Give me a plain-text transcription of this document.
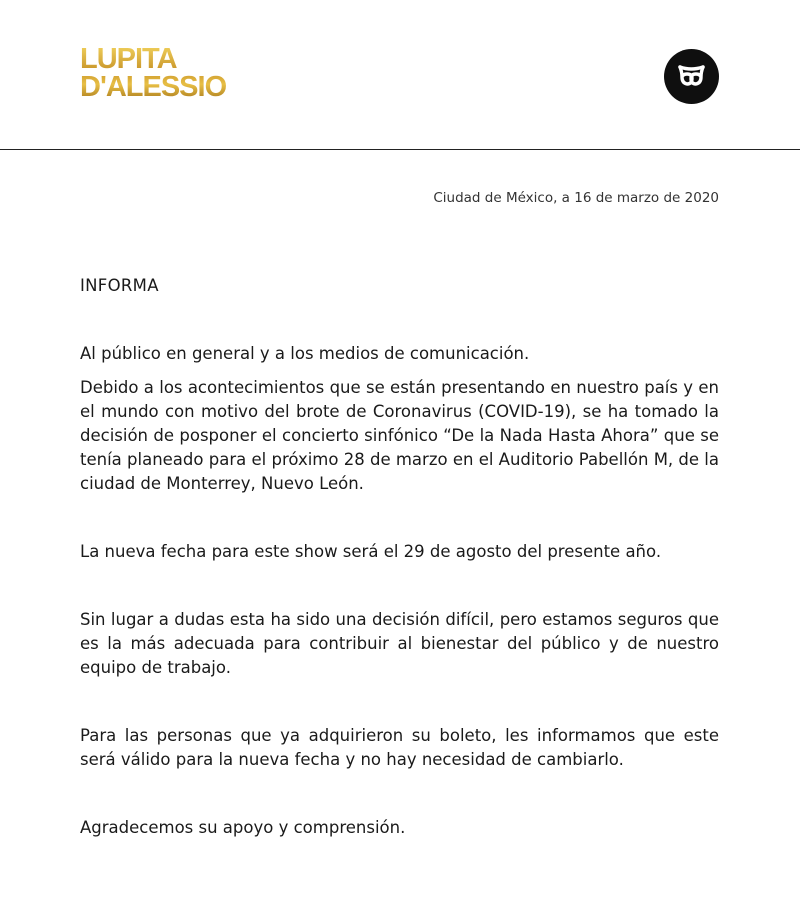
LUPITA
D'ALESSIO
Ciudad de México, a 16 de marzo de 2020
INFORMA

Al público en general y a los medios de comunicación.

Debido a los acontecimientos que se están presentando en nuestro país y en el mundo con motivo del brote de Coronavirus (COVID-19), se ha tomado la decisión de posponer el concierto sinfónico “De la Nada Hasta Ahora” que se tenía planeado para el próximo 28 de marzo en el Auditorio Pabellón M, de la ciudad de Monterrey, Nuevo León.

La nueva fecha para este show será el 29 de agosto del presente año.

Sin lugar a dudas esta ha sido una decisión difícil, pero estamos seguros que es la más adecuada para contribuir al bienestar del público y de nuestro equipo de trabajo.

Para las personas que ya adquirieron su boleto, les informamos que este será válido para la nueva fecha y no hay necesidad de cambiarlo.

Agradecemos su apoyo y comprensión.
